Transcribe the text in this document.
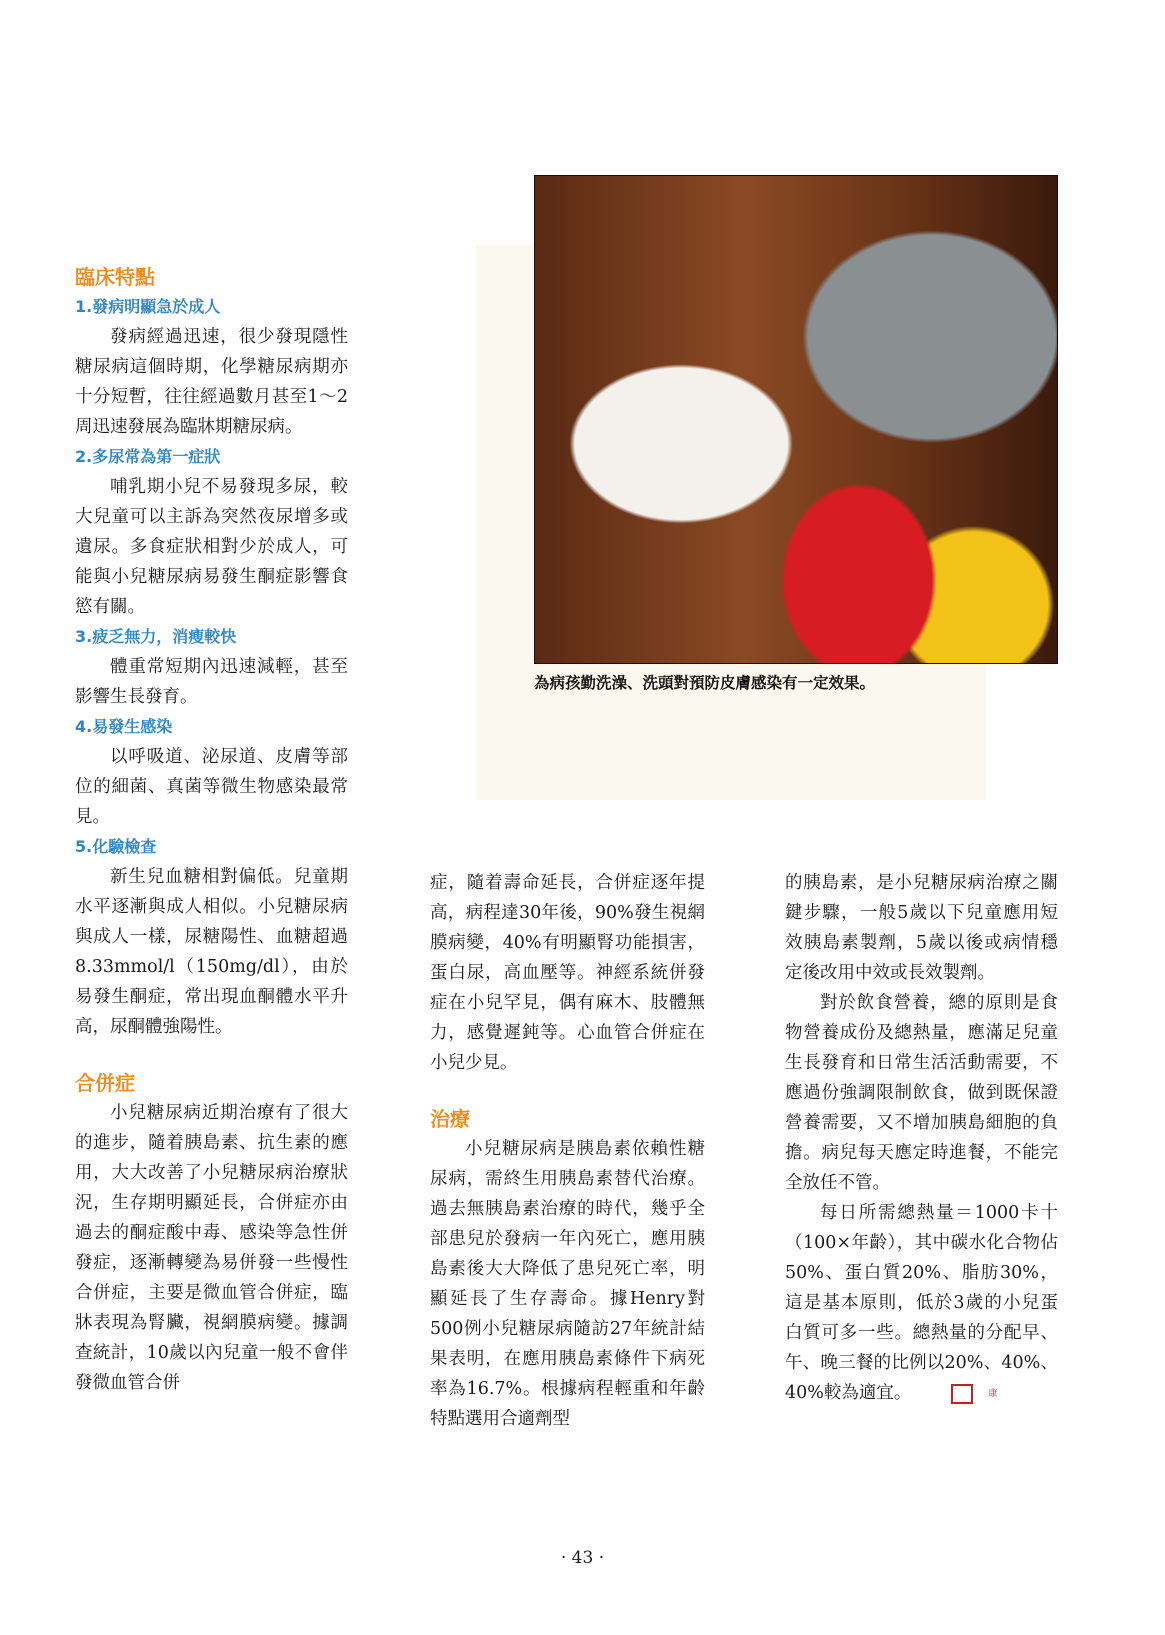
為病孩勤洗澡、洗頭對預防皮膚感染有一定效果。
臨床特點
1.發病明顯急於成人

發病經過迅速，很少發現隱性糖尿病這個時期，化學糖尿病期亦十分短暫，往往經過數月甚至1～2周迅速發展為臨牀期糖尿病。

2.多尿常為第一症狀

哺乳期小兒不易發現多尿，較大兒童可以主訴為突然夜尿增多或遺尿。多食症狀相對少於成人，可能與小兒糖尿病易發生酮症影響食慾有關。

3.疲乏無力，消瘦較快

體重常短期內迅速減輕，甚至影響生長發育。

4.易發生感染

以呼吸道、泌尿道、皮膚等部位的細菌、真菌等微生物感染最常見。

5.化驗檢查

新生兒血糖相對偏低。兒童期水平逐漸與成人相似。小兒糖尿病與成人一樣，尿糖陽性、血糖超過8.33mmol/l（150mg/dl），由於易發生酮症，常出現血酮體水平升高，尿酮體強陽性。

合併症

小兒糖尿病近期治療有了很大的進步，隨着胰島素、抗生素的應用，大大改善了小兒糖尿病治療狀況，生存期明顯延長，合併症亦由過去的酮症酸中毒、感染等急性併發症，逐漸轉變為易併發一些慢性合併症，主要是微血管合併症，臨牀表現為腎臟，視網膜病變。據調查統計，10歲以內兒童一般不會伴發微血管合併

症，隨着壽命延長，合併症逐年提高，病程達30年後，90%發生視網膜病變，40%有明顯腎功能損害，蛋白尿，高血壓等。神經系統併發症在小兒罕見，偶有麻木、肢體無力，感覺遲鈍等。心血管合併症在小兒少見。

治療

小兒糖尿病是胰島素依賴性糖尿病，需終生用胰島素替代治療。過去無胰島素治療的時代，幾乎全部患兒於發病一年內死亡，應用胰島素後大大降低了患兒死亡率，明顯延長了生存壽命。據Henry對500例小兒糖尿病隨訪27年統計結果表明，在應用胰島素條件下病死率為16.7%。根據病程輕重和年齡特點選用合適劑型

的胰島素，是小兒糖尿病治療之關鍵步驟，一般5歲以下兒童應用短效胰島素製劑，5歲以後或病情穩定後改用中效或長效製劑。

對於飲食營養，總的原則是食物營養成份及總熱量，應滿足兒童生長發育和日常生活活動需要，不應過份強調限制飲食，做到既保證營養需要，又不增加胰島細胞的負擔。病兒每天應定時進餐，不能完全放任不管。

每日所需總熱量＝1000卡十（100×年齡），其中碳水化合物佔50%、蛋白質20%、脂肪30%，這是基本原則，低於3歲的小兒蛋白質可多一些。總熱量的分配早、午、晚三餐的比例以20%、40%、40%較為適宜。	康

· 43 ·
